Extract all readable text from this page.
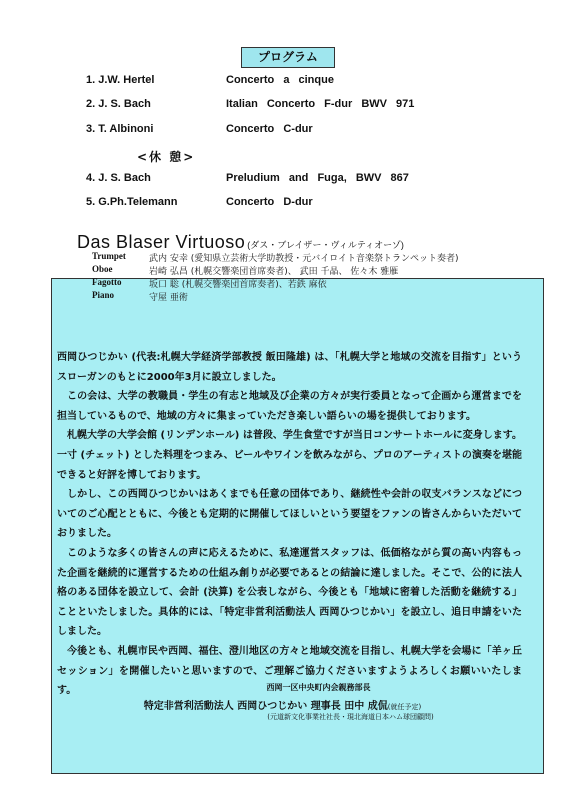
プログラム
1. J.W. Hertel	Concerto a cinque
2. J. S. Bach	Italian Concerto F-dur BWV 971
3. T. Albinoni	Concerto C-dur
4. J. S. Bach	Preludium and Fuga, BWV 867
5. G.Ph.Telemann	Concerto D-dur
<休 憩>
Das Blaser Virtuoso (ダス・ブレイザー・ヴィルティオーゾ)
Trumpet	武内 安幸 (愛知県立芸術大学助教授・元バイロイト音楽祭トランペット奏者)
Oboe	岩崎 弘昌 (札幌交響楽団首席奏者)、 武田 千晶、 佐々木 雅雁
Fagotto	坂口 聡 (札幌交響楽団首席奏者)、若鉄 麻依
Piano	守屋 亜術

西岡ひつじかい (代表:札幌大学経済学部教授 飯田隆雄) は、「札幌大学と地域の交流を目指す」というスローガンのもとに2000年3月に設立しました。

この会は、大学の教職員・学生の有志と地域及び企業の方々が実行委員となって企画から運営までを担当しているもので、地域の方々に集まっていただき楽しい語らいの場を提供しております。

札幌大学の大学会館 (リンデンホール) は普段、学生食堂ですが当日コンサートホールに変身します。一寸 (チェット) とした料理をつまみ、ビールやワインを飲みながら、プロのアーティストの演奏を堪能できると好評を博しております。

しかし、この西岡ひつじかいはあくまでも任意の団体であり、継続性や会計の収支バランスなどについてのご心配とともに、今後とも定期的に開催してほしいという要望をファンの皆さんからいただいておりました。

このような多くの皆さんの声に応えるために、私達運営スタッフは、低価格ながら質の高い内容もった企画を継続的に運営するための仕組み創りが必要であるとの結論に達しました。そこで、公的に法人格のある団体を設立して、会計 (決算) を公表しながら、今後とも「地域に密着した活動を継続する」ことといたしました。具体的には、「特定非営利活動法人 西岡ひつじかい」を設立し、追日申請をいたしました。

今後とも、札幌市民や西岡、福住、澄川地区の方々と地域交流を目指し、札幌大学を会場に「羊ヶ丘セッション」を開催したいと思いますので、ご理解ご協力くださいますようよろしくお願いいたします。	西岡一区中央町内会親務部長
特定非営利活動法人 西岡ひつじかい 理事長 田中 成侃(就任予定)
(元道新文化事業社社長・現北海道日本ハム球団顧問)
